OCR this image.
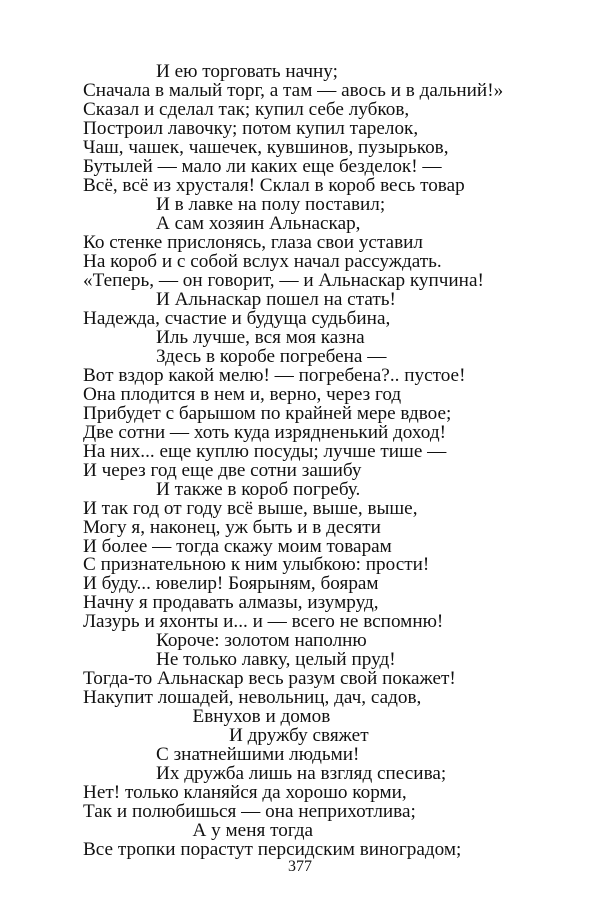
И ею торговать начну;
Сначала в малый торг, а там — авось и в дальний!»
Сказал и сделал так; купил себе лубков,
Построил лавочку; потом купил тарелок,
Чаш, чашек, чашечек, кувшинов, пузырьков,
Бутылей — мало ли каких еще безделок! —
Всё, всё из хрусталя! Склал в короб весь товар
И в лавке на полу поставил;
А сам хозяин Альнаскар,
Ко стенке прислонясь, глаза свои уставил
На короб и с собой вслух начал рассуждать.
«Теперь, — он говорит, — и Альнаскар купчина!
И Альнаскар пошел на стать!
Надежда, счастие и будуща судьбина,
Иль лучше, вся моя казна
Здесь в коробе погребена —
Вот вздор какой мелю! — погребена?.. пустое!
Она плодится в нем и, верно, через год
Прибудет с барышом по крайней мере вдвое;
Две сотни — хоть куда изрядненький доход!
На них... еще куплю посуды; лучше тише —
И через год еще две сотни зашибу
И также в короб погребу.
И так год от году всё выше, выше, выше,
Могу я, наконец, уж быть и в десяти
И более — тогда скажу моим товарам
С признательною к ним улыбкою: прости!
И буду... ювелир! Боярыням, боярам
Начну я продавать алмазы, изумруд,
Лазурь и яхонты и... и — всего не вспомню!
Короче: золотом наполню
Не только лавку, целый пруд!
Тогда-то Альнаскар весь разум свой покажет!
Накупит лошадей, невольниц, дач, садов,
Евнухов и домов
И дружбу свяжет
С знатнейшими людьми!
Их дружба лишь на взгляд спесива;
Нет! только кланяйся да хорошо корми,
Так и полюбишься — она неприхотлива;
А у меня тогда
Все тропки порастут персидским виноградом;
377
